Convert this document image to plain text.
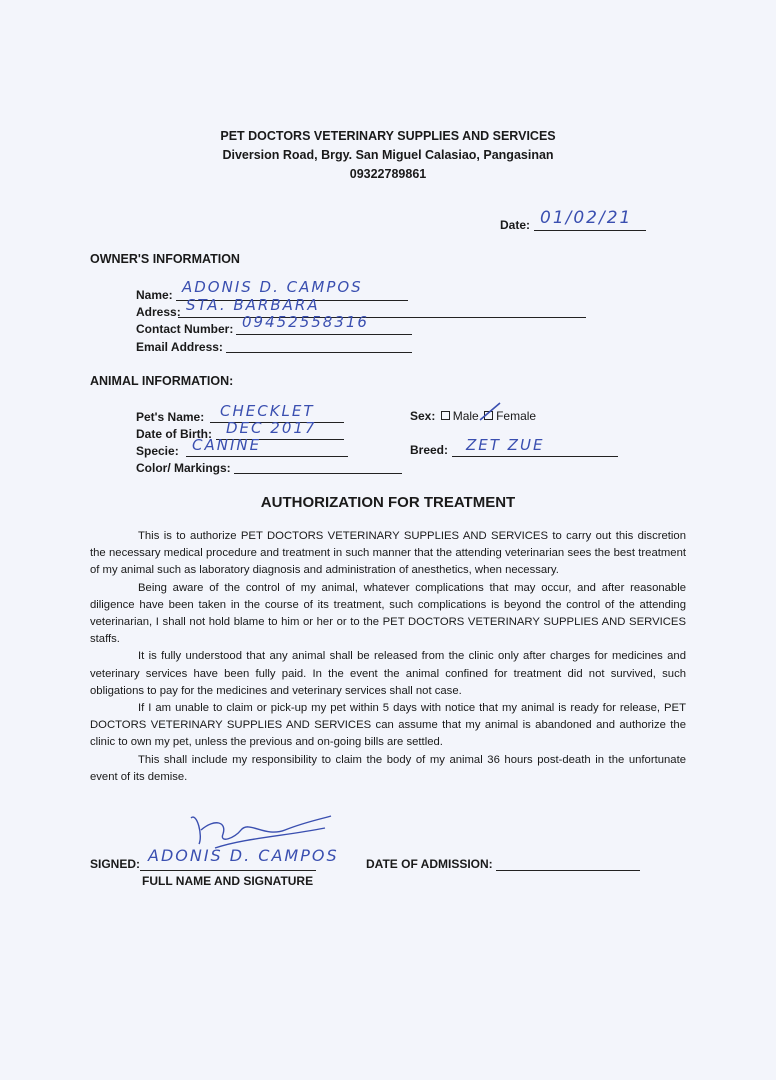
PET DOCTORS VETERINARY SUPPLIES AND SERVICES
Diversion Road, Brgy. San Miguel Calasiao, Pangasinan
09322789861
Date: 01/02/21
OWNER'S INFORMATION
Name: ADONIS D. CAMPOS
Adress: STA. BARBARA
Contact Number: 09452558316
Email Address:
ANIMAL INFORMATION:
Pet's Name: CHECKLET
Date of Birth: DEC 2017
Specie: CANINE
Color/ Markings:
Sex: Male Female
Breed: ZET ZUE
AUTHORIZATION FOR TREATMENT

This is to authorize PET DOCTORS VETERINARY SUPPLIES AND SERVICES to carry out this discretion the necessary medical procedure and treatment in such manner that the attending veterinarian sees the best treatment of my animal such as laboratory diagnosis and administration of anesthetics, when necessary.

Being aware of the control of my animal, whatever complications that may occur, and after reasonable diligence have been taken in the course of its treatment, such complications is beyond the control of the attending veterinarian, I shall not hold blame to him or her or to the PET DOCTORS VETERINARY SUPPLIES AND SERVICES staffs.

It is fully understood that any animal shall be released from the clinic only after charges for medicines and veterinary services have been fully paid. In the event the animal confined for treatment did not survived, such obligations to pay for the medicines and veterinary services shall not case.

If I am unable to claim or pick-up my pet within 5 days with notice that my animal is ready for release, PET DOCTORS VETERINARY SUPPLIES AND SERVICES can assume that my animal is abandoned and authorize the clinic to own my pet, unless the previous and on-going bills are settled.

This shall include my responsibility to claim the body of my animal 36 hours post-death in the unfortunate event of its demise.

SIGNED: ADONIS D. CAMPOS
FULL NAME AND SIGNATURE
DATE OF ADMISSION:
